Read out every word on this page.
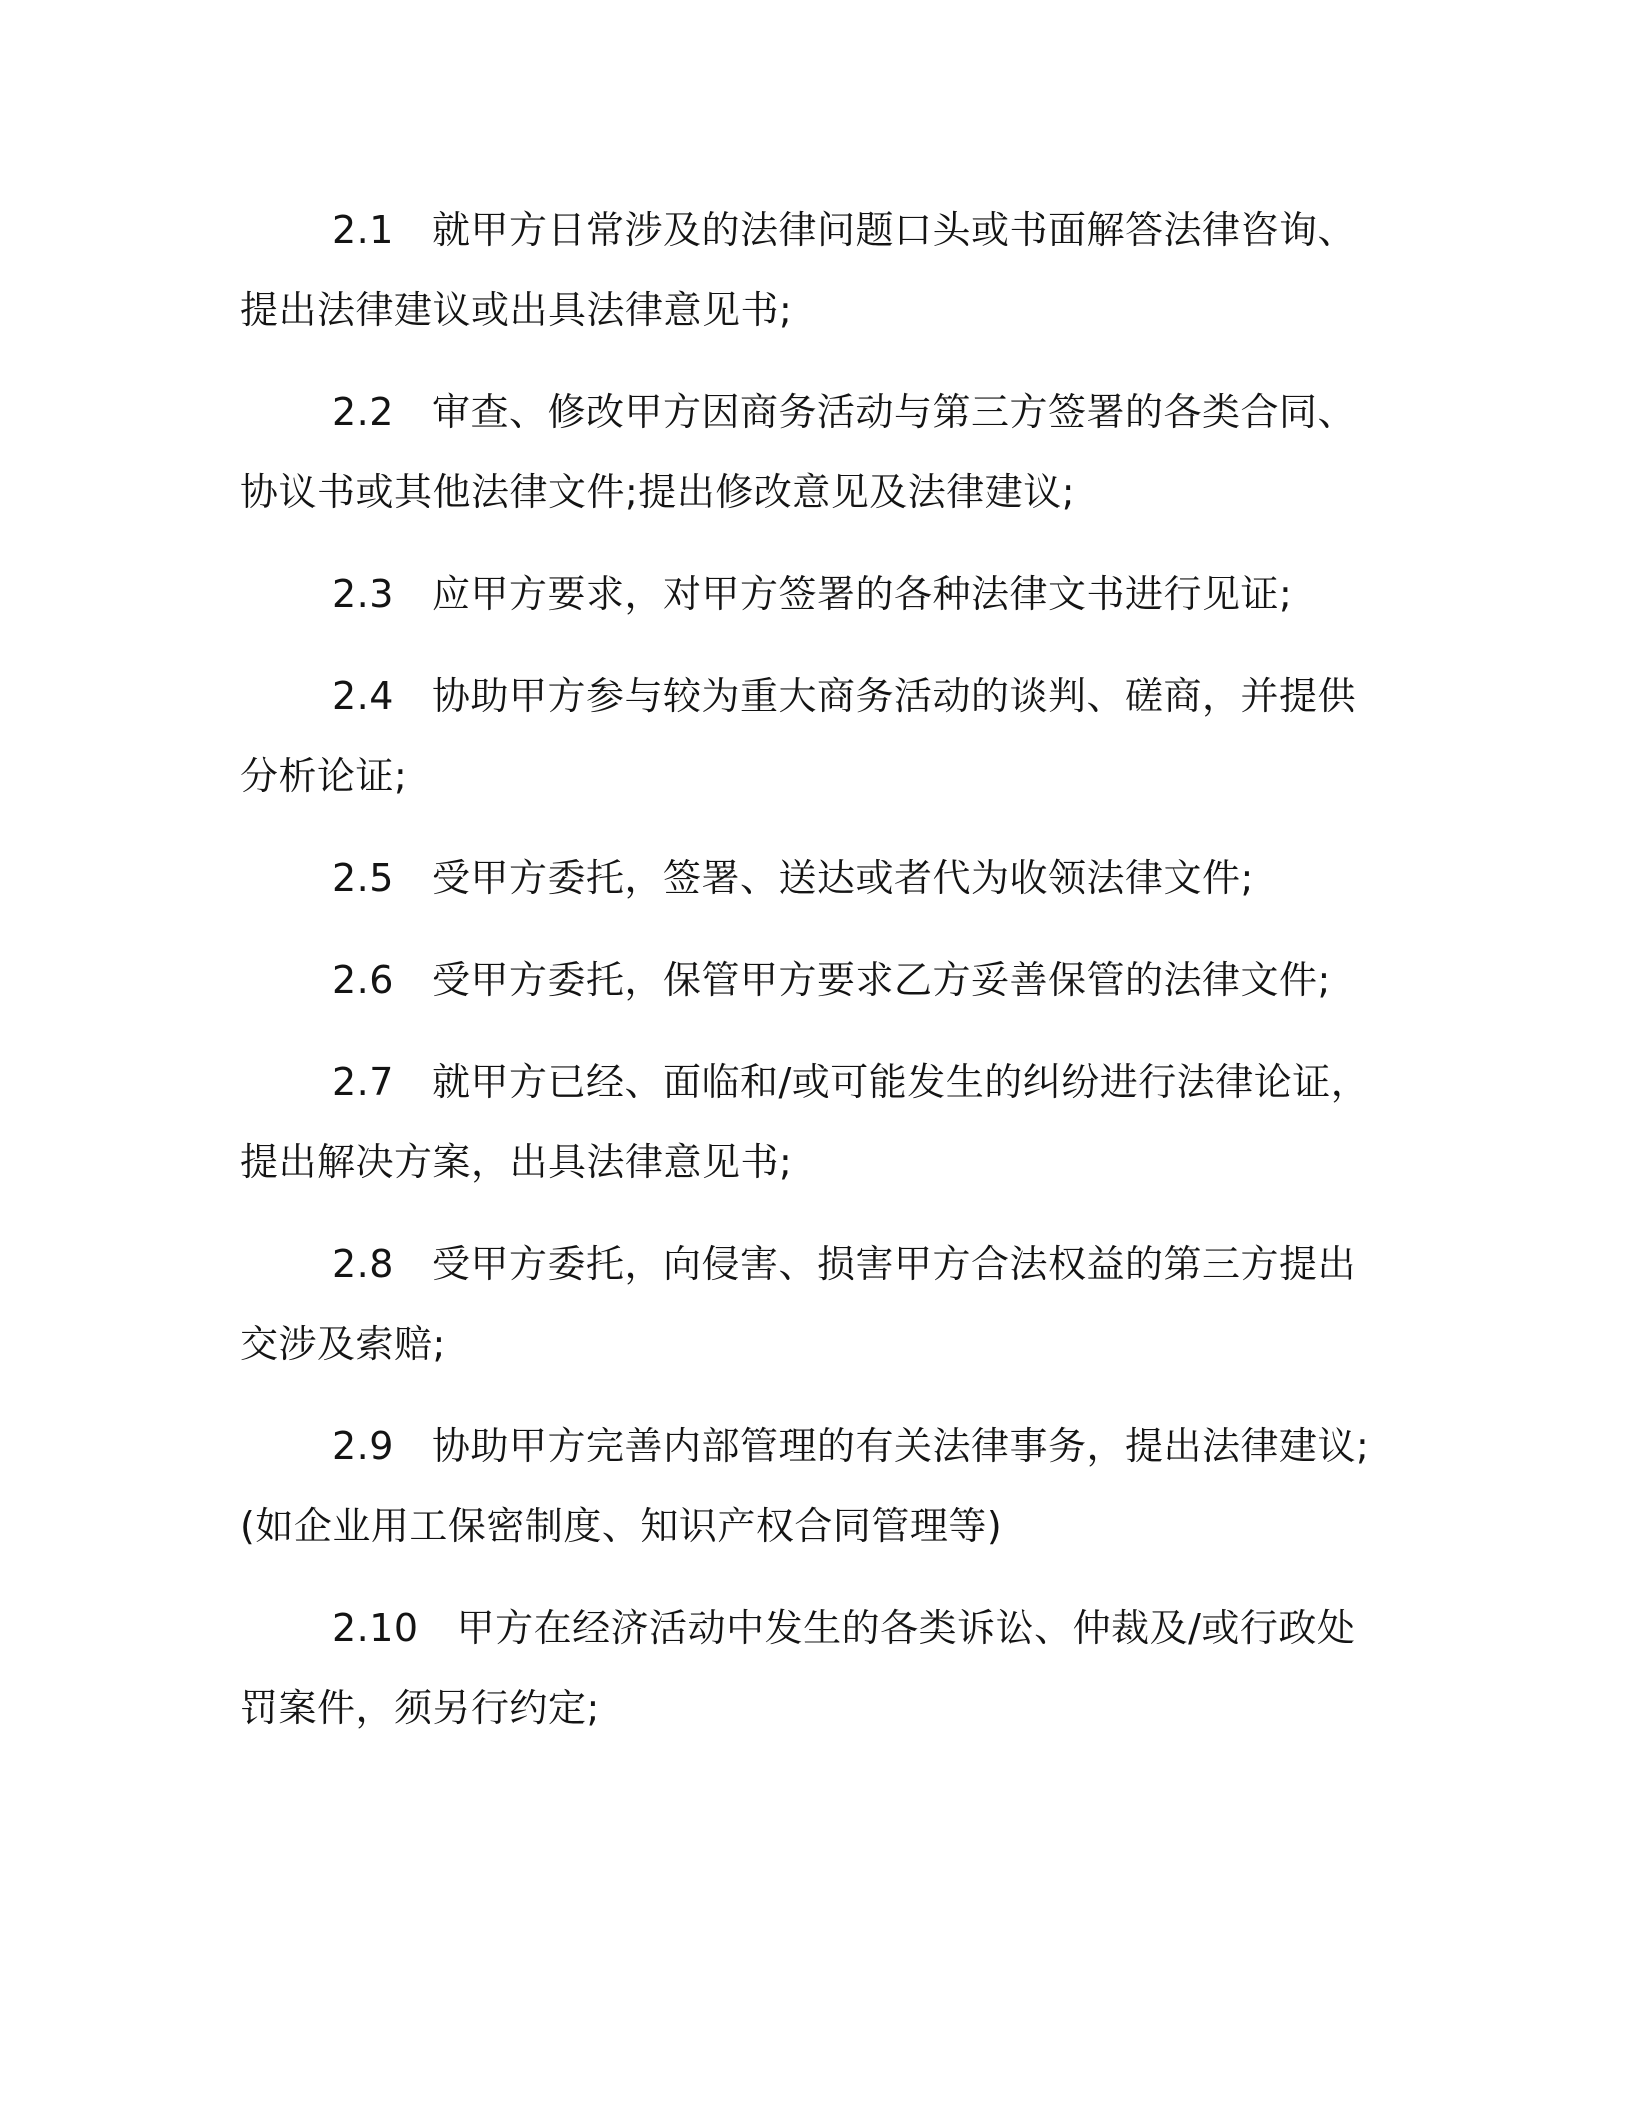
2.1 就甲方日常涉及的法律问题口头或书面解答法律咨询、提出法律建议或出具法律意见书;

2.2 审查、修改甲方因商务活动与第三方签署的各类合同、协议书或其他法律文件;提出修改意见及法律建议;

2.3 应甲方要求，对甲方签署的各种法律文书进行见证;

2.4 协助甲方参与较为重大商务活动的谈判、磋商，并提供分析论证;

2.5 受甲方委托，签署、送达或者代为收领法律文件;

2.6 受甲方委托，保管甲方要求乙方妥善保管的法律文件;

2.7 就甲方已经、面临和/或可能发生的纠纷进行法律论证，提出解决方案，出具法律意见书;

2.8 受甲方委托，向侵害、损害甲方合法权益的第三方提出交涉及索赔;

2.9 协助甲方完善内部管理的有关法律事务，提出法律建议;(如企业用工保密制度、知识产权合同管理等)

2.10 甲方在经济活动中发生的各类诉讼、仲裁及/或行政处罚案件，须另行约定;
